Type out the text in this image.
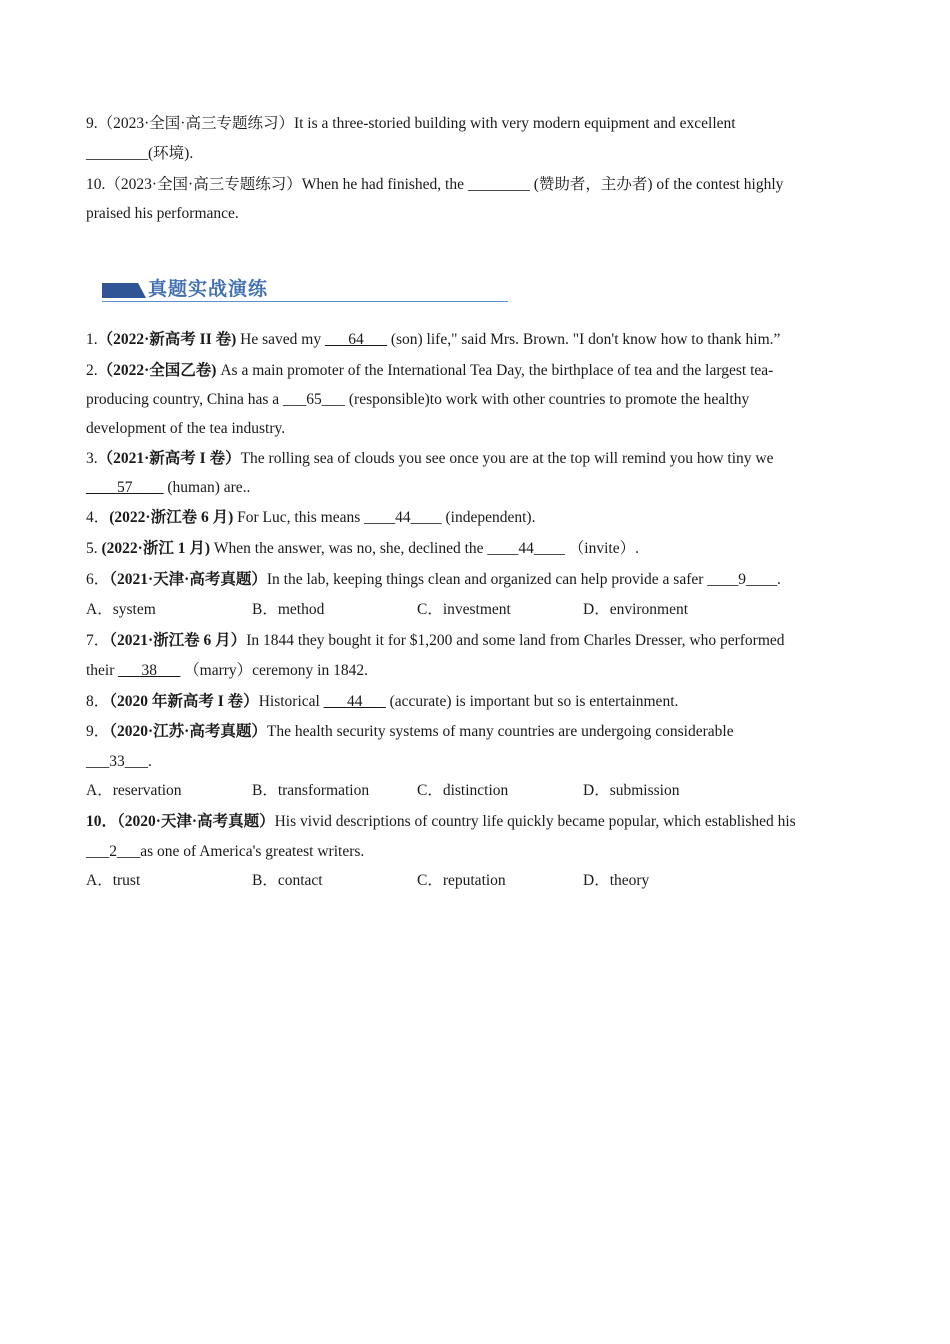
9.（2023·全国·高三专题练习）It is a three-storied building with very modern equipment and excellent
________(环境).
10.（2023·全国·高三专题练习）When he had finished, the ________ (赞助者，主办者) of the contest highly
praised his performance.
真题实战演练
1.（2022·新高考 II 卷) He saved my ___64___ (son) life," said Mrs. Brown. "I don't know how to thank him.”
2.（2022·全国乙卷) As a main promoter of the International Tea Day, the birthplace of tea and the largest tea-
producing country, China has a ___65___ (responsible)to work with other countries to promote the healthy
development of the tea industry.
3.（2021·新高考 I 卷）The rolling sea of clouds you see once you are at the top will remind you how tiny we
____57____ (human) are..
4．(2022·浙江卷 6 月) For Luc, this means ____44____ (independent).
5. (2022·浙江 1 月) When the answer, was no, she, declined the ____44____ （invite）.
6．（2021·天津·高考真题）In the lab, keeping things clean and organized can help provide a safer ____9____.
A．system	B．method	C．investment	D．environment
7．（2021·浙江卷 6 月）In 1844 they bought it for $1,200 and some land from Charles Dresser, who performed
their ___38___ （marry）ceremony in 1842.
8．（2020 年新高考 I 卷）Historical ___44___ (accurate) is important but so is entertainment.
9．（2020·江苏·高考真题）The health security systems of many countries are undergoing considerable
___33___.
A．reservation	B．transformation	C．distinction	D．submission
10．（2020·天津·高考真题）His vivid descriptions of country life quickly became popular, which established his
___2___as one of America's greatest writers.
A．trust	B．contact	C．reputation	D．theory
